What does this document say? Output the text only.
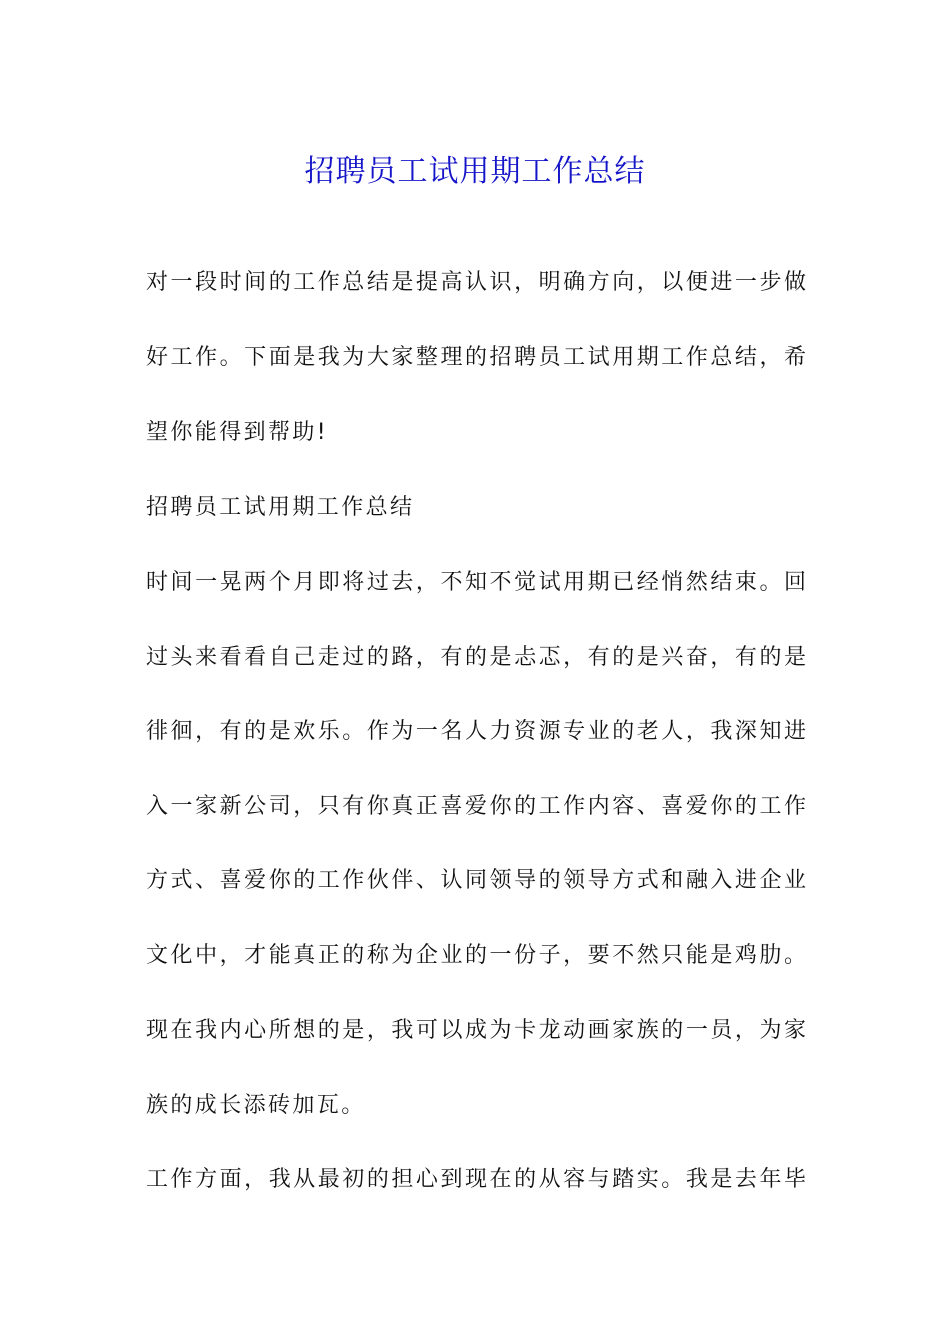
招聘员工试用期工作总结
对一段时间的工作总结是提高认识，明确方向，以便进一步做
好工作。下面是我为大家整理的招聘员工试用期工作总结，希
望你能得到帮助!
招聘员工试用期工作总结
时间一晃两个月即将过去，不知不觉试用期已经悄然结束。回
过头来看看自己走过的路，有的是忐忑，有的是兴奋，有的是
徘徊，有的是欢乐。作为一名人力资源专业的老人，我深知进
入一家新公司，只有你真正喜爱你的工作内容、喜爱你的工作
方式、喜爱你的工作伙伴、认同领导的领导方式和融入进企业
文化中，才能真正的称为企业的一份子，要不然只能是鸡肋。
现在我内心所想的是，我可以成为卡龙动画家族的一员，为家
族的成长添砖加瓦。
工作方面，我从最初的担心到现在的从容与踏实。我是去年毕
